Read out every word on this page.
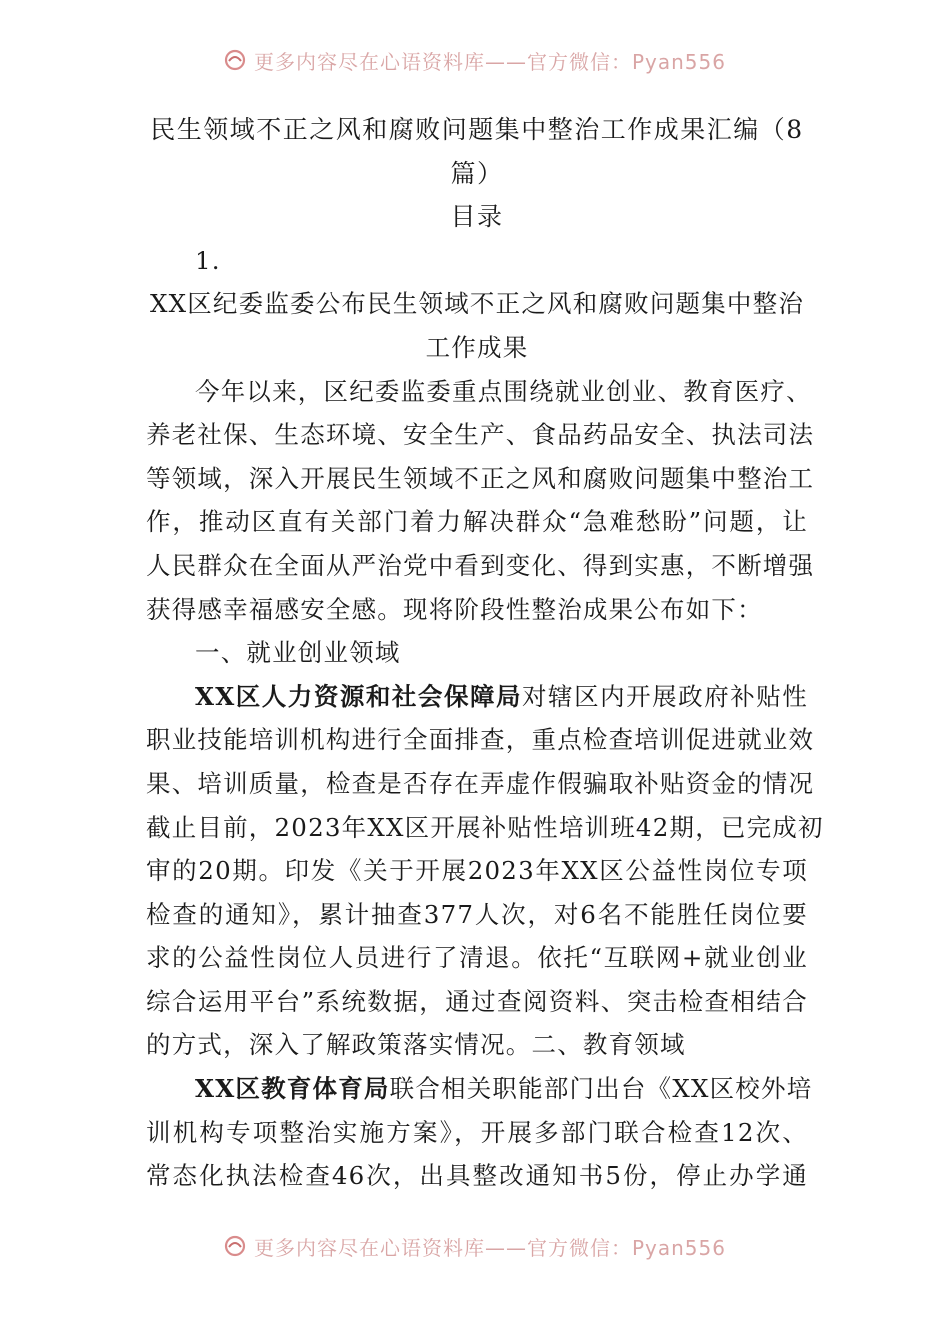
更多内容尽在心语资料库——官方微信：Pyan556
民生领域不正之风和腐败问题集中整治工作成果汇编（8
篇）
目录
1.
XX区纪委监委公布民生领域不正之风和腐败问题集中整治
工作成果
今年以来，区纪委监委重点围绕就业创业、教育医疗、
养老社保、生态环境、安全生产、食品药品安全、执法司法
等领域，深入开展民生领域不正之风和腐败问题集中整治工
作，推动区直有关部门着力解决群众“急难愁盼”问题，让
人民群众在全面从严治党中看到变化、得到实惠，不断增强
获得感幸福感安全感。现将阶段性整治成果公布如下：
一、就业创业领域
XX区人力资源和社会保障局对辖区内开展政府补贴性
职业技能培训机构进行全面排查，重点检查培训促进就业效
果、培训质量，检查是否存在弄虚作假骗取补贴资金的情况
截止目前，2023年XX区开展补贴性培训班42期，已完成初
审的20期。印发《关于开展2023年XX区公益性岗位专项
检查的通知》，累计抽查377人次，对6名不能胜任岗位要
求的公益性岗位人员进行了清退。依托“互联网+就业创业
综合运用平台”系统数据，通过查阅资料、突击检查相结合
的方式，深入了解政策落实情况。二、教育领域
XX区教育体育局联合相关职能部门出台《XX区校外培
训机构专项整治实施方案》，开展多部门联合检查12次、
常态化执法检查46次，出具整改通知书5份，停止办学通
更多内容尽在心语资料库——官方微信：Pyan556
